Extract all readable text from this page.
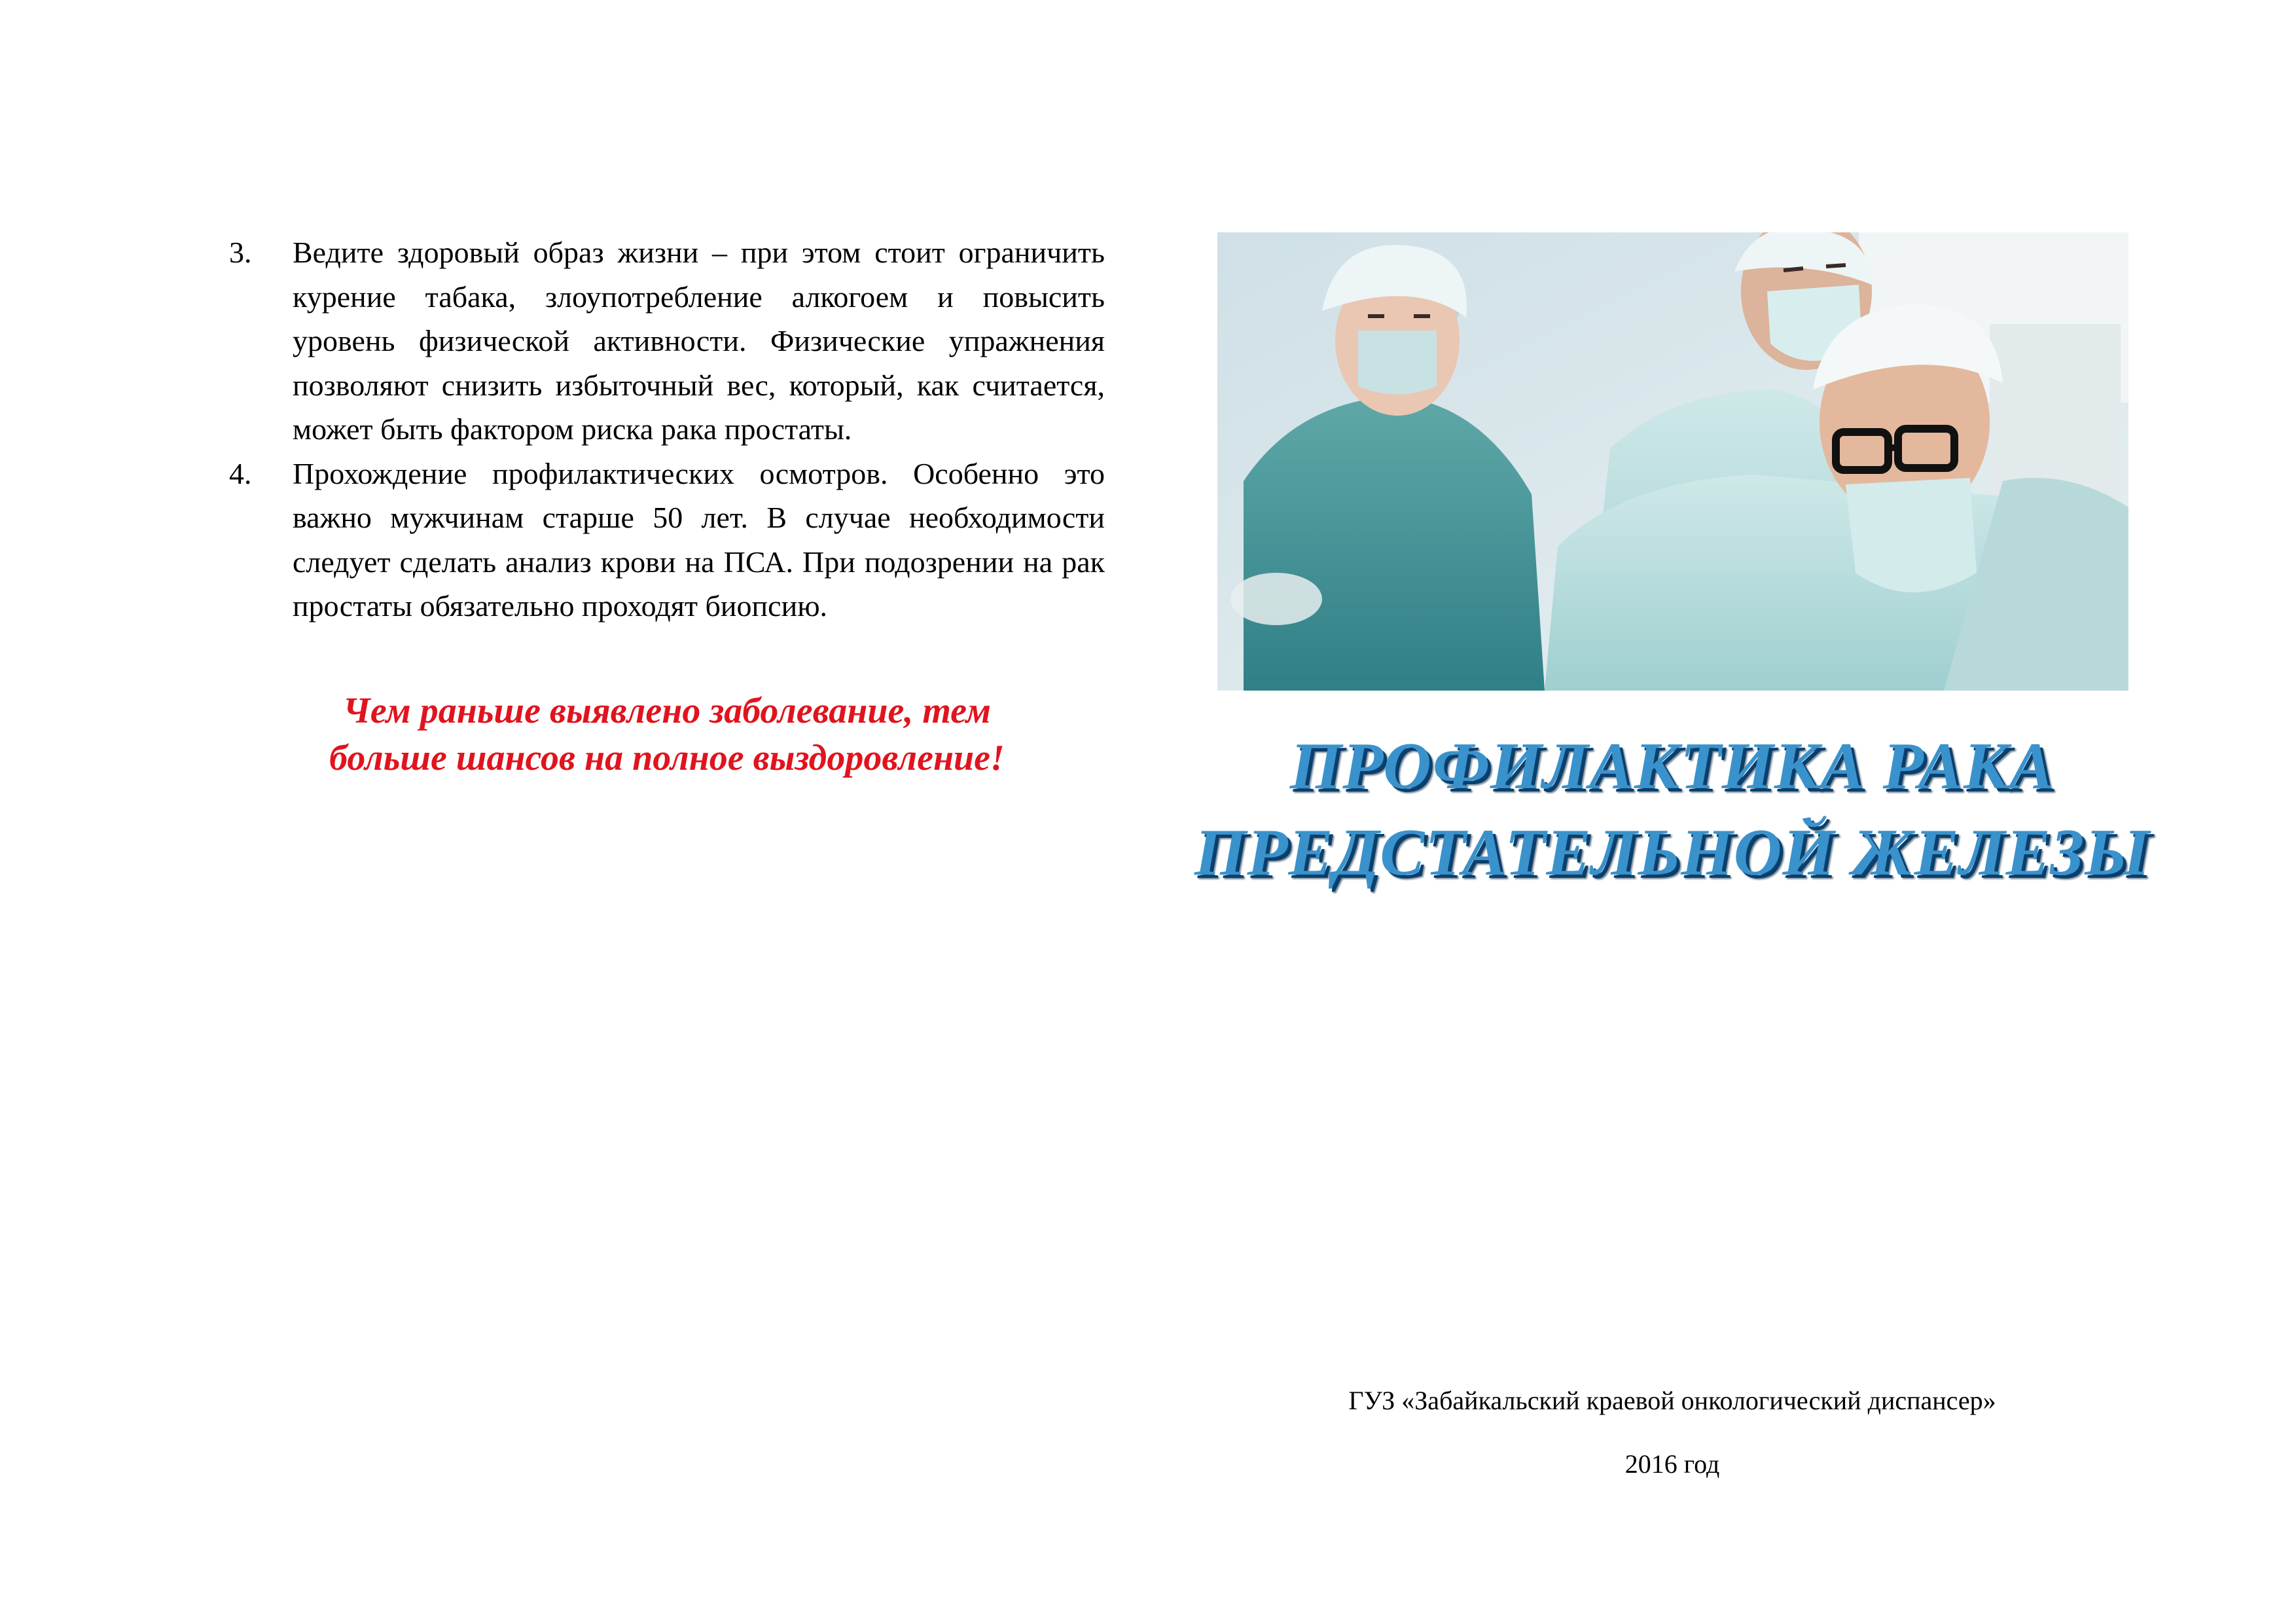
3. Ведите здоровый образ жизни – при этом стоит ограничить курение табака, злоупотребление алкогоем и повысить уровень физической активности. Физические упражнения позволяют снизить избыточный вес, который, как считается, может быть фактором риска рака простаты.
4. Прохождение профилактических осмотров. Особенно это важно мужчинам старше 50 лет. В случае необходимости следует сделать анализ крови на ПСА. При подозрении на рак простаты обязательно проходят биопсию.
Чем раньше выявлено заболевание, тем
больше шансов на полное выздоровление!	ПРОФИЛАКТИКА РАКА
ПРЕДСТАТЕЛЬНОЙ ЖЕЛЕЗЫ
ГУЗ «Забайкальский краевой онкологический диспансер»
2016 год
